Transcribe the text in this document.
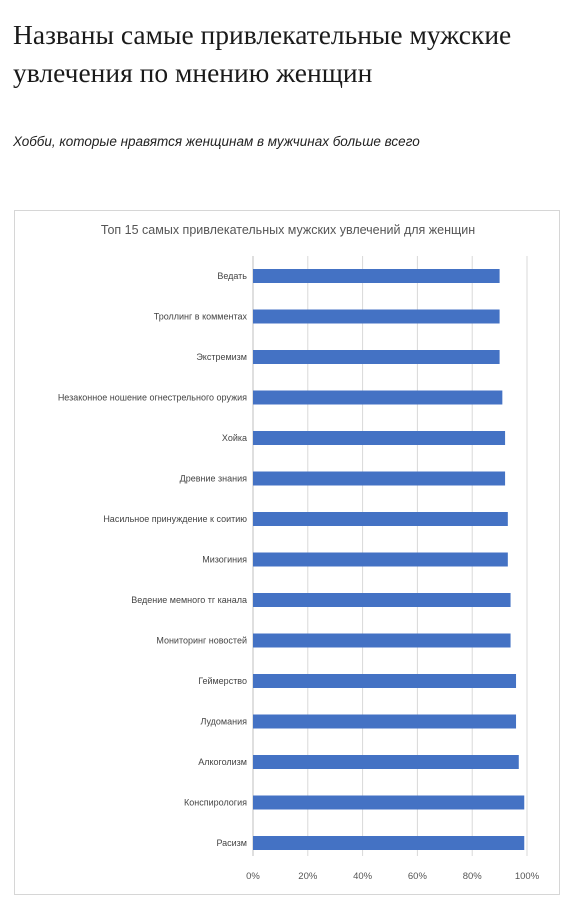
Названы самые привлекательные мужские увлечения по мнению женщин

Хобби, которые нравятся женщинам в мужчинах больше всего

Топ 15 самых привлекательных мужских увлечений для женщин
Ведать
Троллинг в комментах
Экстремизм
Незаконное ношение огнестрельного оружия
Хойка
Древние знания
Насильное принуждение к соитию
Мизогиния
Ведение мемного тг канала
Мониторинг новостей
Геймерство
Лудомания
Алкоголизм
Конспирология
Расизм
0%	20%	40%	60%	80%	100%
